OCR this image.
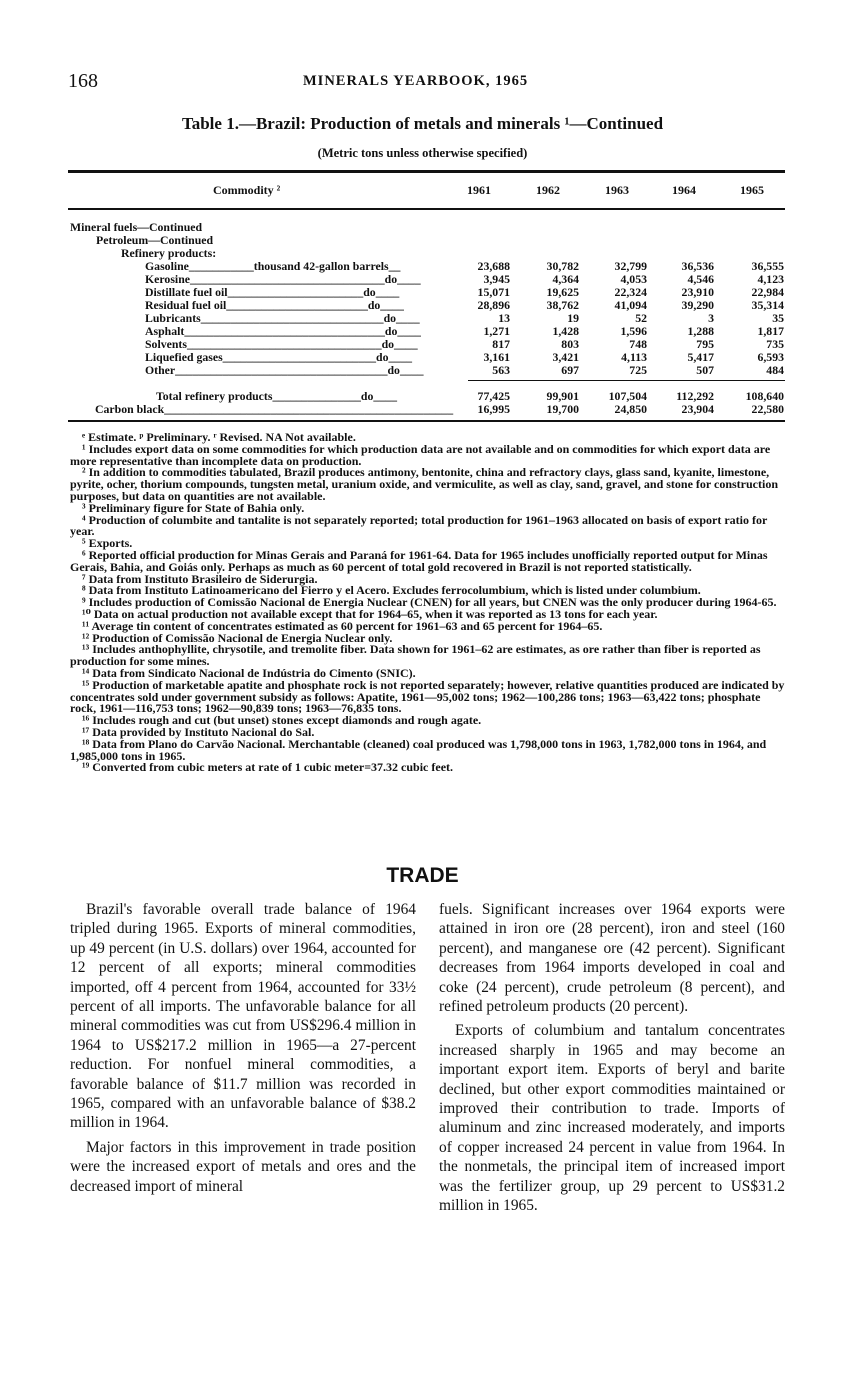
168	MINERALS YEARBOOK, 1965
Table 1.—Brazil: Production of metals and minerals ¹—Continued
(Metric tons unless otherwise specified)
Commodity ²	1961	1962	1963	1964	1965
Mineral fuels—Continued
Petroleum—Continued
Refinery products:
Gasoline___________thousand 42-gallon barrels__	23,688	30,782	32,799	36,536	36,555
Kerosine_________________________________do____	3,945	4,364	4,053	4,546	4,123
Distillate fuel oil_______________________do____	15,071	19,625	22,324	23,910	22,984
Residual fuel oil________________________do____	28,896	38,762	41,094	39,290	35,314
Lubricants_______________________________do____	13	19	52	3	35
Asphalt__________________________________do____	1,271	1,428	1,596	1,288	1,817
Solvents_________________________________do____	817	803	748	795	735
Liquefied gases__________________________do____	3,161	3,421	4,113	5,417	6,593
Other____________________________________do____	563	697	725	507	484
Total refinery products_______________do____	77,425	99,901	107,504	112,292	108,640
Carbon black_________________________________________________	16,995	19,700	24,850	23,904	22,580

ᵉ Estimate. ᵖ Preliminary. ʳ Revised. NA Not available.

¹ Includes export data on some commodities for which production data are not available and on commodities for which export data are more representative than incomplete data on production.

² In addition to commodities tabulated, Brazil produces antimony, bentonite, china and refractory clays, glass sand, kyanite, limestone, pyrite, ocher, thorium compounds, tungsten metal, uranium oxide, and vermiculite, as well as clay, sand, gravel, and stone for construction purposes, but data on quantities are not available.

³ Preliminary figure for State of Bahia only.

⁴ Production of columbite and tantalite is not separately reported; total production for 1961–1963 allocated on basis of export ratio for year.

⁵ Exports.

⁶ Reported official production for Minas Gerais and Paraná for 1961-64. Data for 1965 includes unofficially reported output for Minas Gerais, Bahia, and Goiás only. Perhaps as much as 60 percent of total gold recovered in Brazil is not reported statistically.

⁷ Data from Instituto Brasileiro de Siderurgia.

⁸ Data from Instituto Latinoamericano del Fierro y el Acero. Excludes ferrocolumbium, which is listed under columbium.

⁹ Includes production of Comissão Nacional de Energia Nuclear (CNEN) for all years, but CNEN was the only producer during 1964-65.

¹⁰ Data on actual production not available except that for 1964–65, when it was reported as 13 tons for each year.

¹¹ Average tin content of concentrates estimated as 60 percent for 1961–63 and 65 percent for 1964–65.

¹² Production of Comissão Nacional de Energia Nuclear only.

¹³ Includes anthophyllite, chrysotile, and tremolite fiber. Data shown for 1961–62 are estimates, as ore rather than fiber is reported as production for some mines.

¹⁴ Data from Sindicato Nacional de Indústria do Cimento (SNIC).

¹⁵ Production of marketable apatite and phosphate rock is not reported separately; however, relative quantities produced are indicated by concentrates sold under government subsidy as follows: Apatite, 1961—95,002 tons; 1962—100,286 tons; 1963—63,422 tons; phosphate rock, 1961—116,753 tons; 1962—90,839 tons; 1963—76,835 tons.

¹⁶ Includes rough and cut (but unset) stones except diamonds and rough agate.

¹⁷ Data provided by Instituto Nacional do Sal.

¹⁸ Data from Plano do Carvão Nacional. Merchantable (cleaned) coal produced was 1,798,000 tons in 1963, 1,782,000 tons in 1964, and 1,985,000 tons in 1965.

¹⁹ Converted from cubic meters at rate of 1 cubic meter=37.32 cubic feet.

TRADE

Brazil's favorable overall trade balance of 1964 tripled during 1965. Exports of mineral commodities, up 49 percent (in U.S. dollars) over 1964, accounted for 12 percent of all exports; mineral commodities imported, off 4 percent from 1964, accounted for 33½ percent of all imports. The unfavorable balance for all mineral commodities was cut from US$296.4 million in 1964 to US$217.2 million in 1965—a 27-percent reduction. For nonfuel mineral commodities, a favorable balance of $11.7 million was recorded in 1965, compared with an unfavorable balance of $38.2 million in 1964.

Major factors in this improvement in trade position were the increased export of metals and ores and the decreased import of mineral

fuels. Significant increases over 1964 exports were attained in iron ore (28 percent), iron and steel (160 percent), and manganese ore (42 percent). Significant decreases from 1964 imports developed in coal and coke (24 percent), crude petroleum (8 percent), and refined petroleum products (20 percent).

Exports of columbium and tantalum concentrates increased sharply in 1965 and may become an important export item. Exports of beryl and barite declined, but other export commodities maintained or improved their contribution to trade. Imports of aluminum and zinc increased moderately, and imports of copper increased 24 percent in value from 1964. In the nonmetals, the principal item of increased import was the fertilizer group, up 29 percent to US$31.2 million in 1965.
